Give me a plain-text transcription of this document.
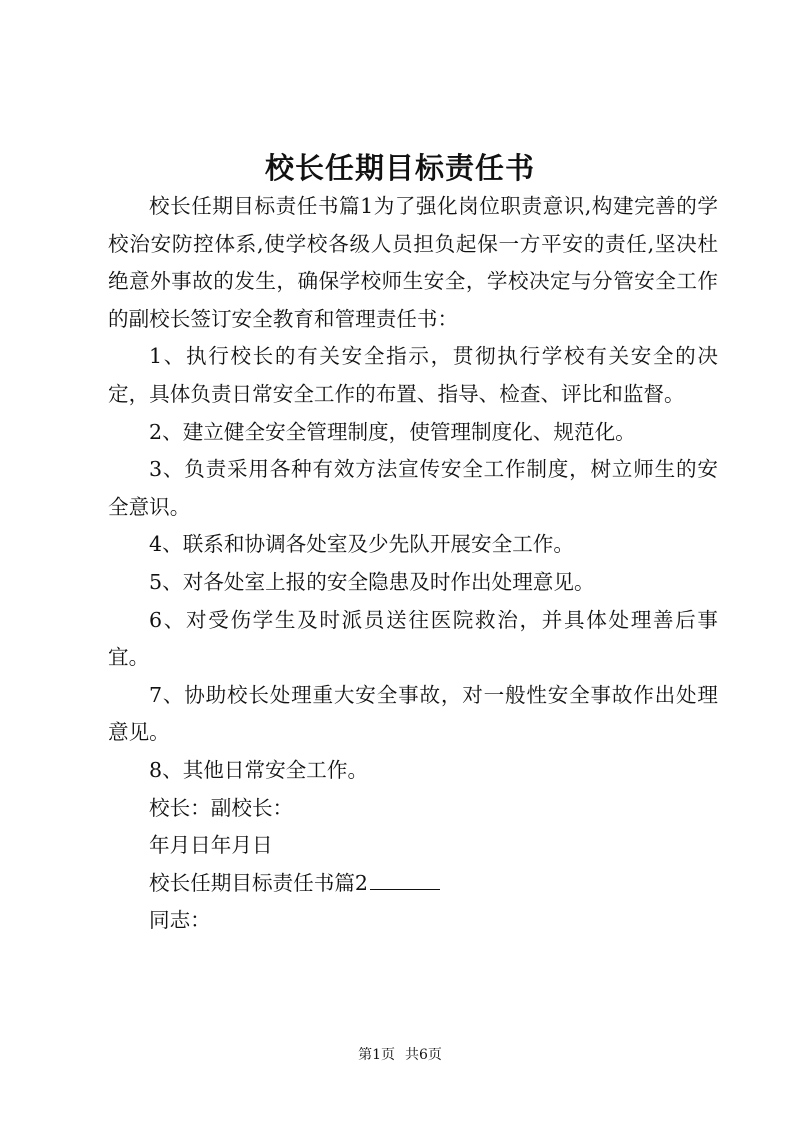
校长任期目标责任书

校长任期目标责任书篇1为了强化岗位职责意识,构建完善的学校治安防控体系,使学校各级人员担负起保一方平安的责任,坚决杜绝意外事故的发生，确保学校师生安全，学校决定与分管安全工作的副校长签订安全教育和管理责任书：

1、执行校长的有关安全指示，贯彻执行学校有关安全的决定，具体负责日常安全工作的布置、指导、检查、评比和监督。

2、建立健全安全管理制度，使管理制度化、规范化。

3、负责采用各种有效方法宣传安全工作制度，树立师生的安全意识。

4、联系和协调各处室及少先队开展安全工作。

5、对各处室上报的安全隐患及时作出处理意见。

6、对受伤学生及时派员送往医院救治，并具体处理善后事宜。

7、协助校长处理重大安全事故，对一般性安全事故作出处理意见。

8、其他日常安全工作。

校长：副校长：

年月日年月日

校长任期目标责任书篇2

同志：

第1页 共6页
